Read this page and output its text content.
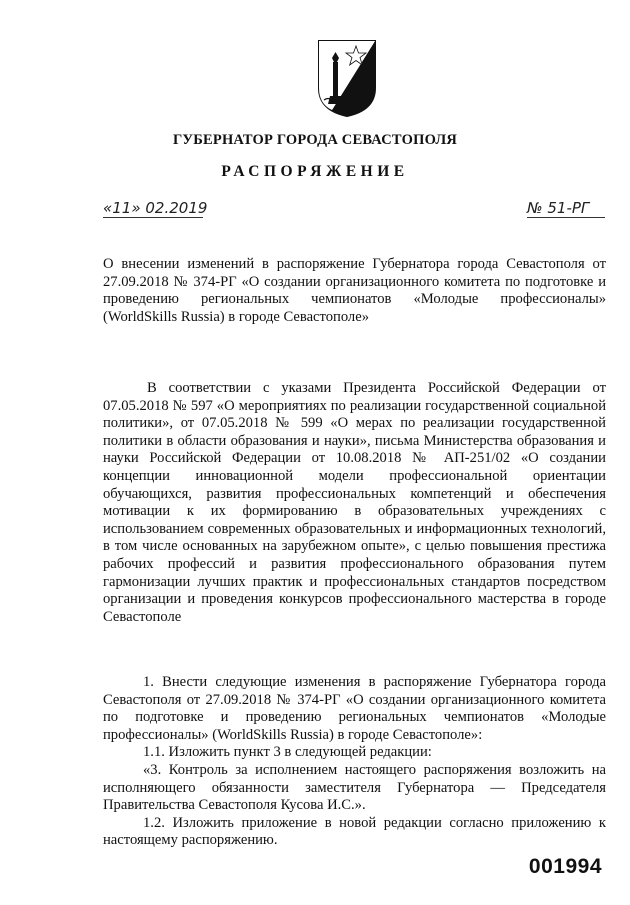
ГУБЕРНАТОР ГОРОДА СЕВАСТОПОЛЯ
РАСПОРЯЖЕНИЕ
«11» 02.2019	№ 51-РГ
О внесении изменений в распоряжение Губернатора города Севастополя от 27.09.2018 № 374-РГ «О создании организационного комитета по подготовке и проведению региональных чемпионатов «Молодые профессионалы» (WorldSkills Russia) в городе Севастополе»
В соответствии с указами Президента Российской Федерации от 07.05.2018 № 597 «О мероприятиях по реализации государственной социальной политики», от 07.05.2018 № 599 «О мерах по реализации государственной политики в области образования и науки», письма Министерства образования и науки Российской Федерации от 10.08.2018 № АП-251/02 «О создании концепции инновационной модели профессиональной ориентации обучающихся, развития профессиональных компетенций и обеспечения мотивации к их формированию в образовательных учреждениях с использованием современных образовательных и информационных технологий, в том числе основанных на зарубежном опыте», с целью повышения престижа рабочих профессий и развития профессионального образования путем гармонизации лучших практик и профессиональных стандартов посредством организации и проведения конкурсов профессионального мастерства в городе Севастополе

1. Внести следующие изменения в распоряжение Губернатора города Севастополя от 27.09.2018 № 374-РГ «О создании организационного комитета по подготовке и проведению региональных чемпионатов «Молодые профессионалы» (WorldSkills Russia) в городе Севастополе»:

1.1. Изложить пункт 3 в следующей редакции:

«3. Контроль за исполнением настоящего распоряжения возложить на исполняющего обязанности заместителя Губернатора — Председателя Правительства Севастополя Кусова И.С.».

1.2. Изложить приложение в новой редакции согласно приложению к настоящему распоряжению.

001994
